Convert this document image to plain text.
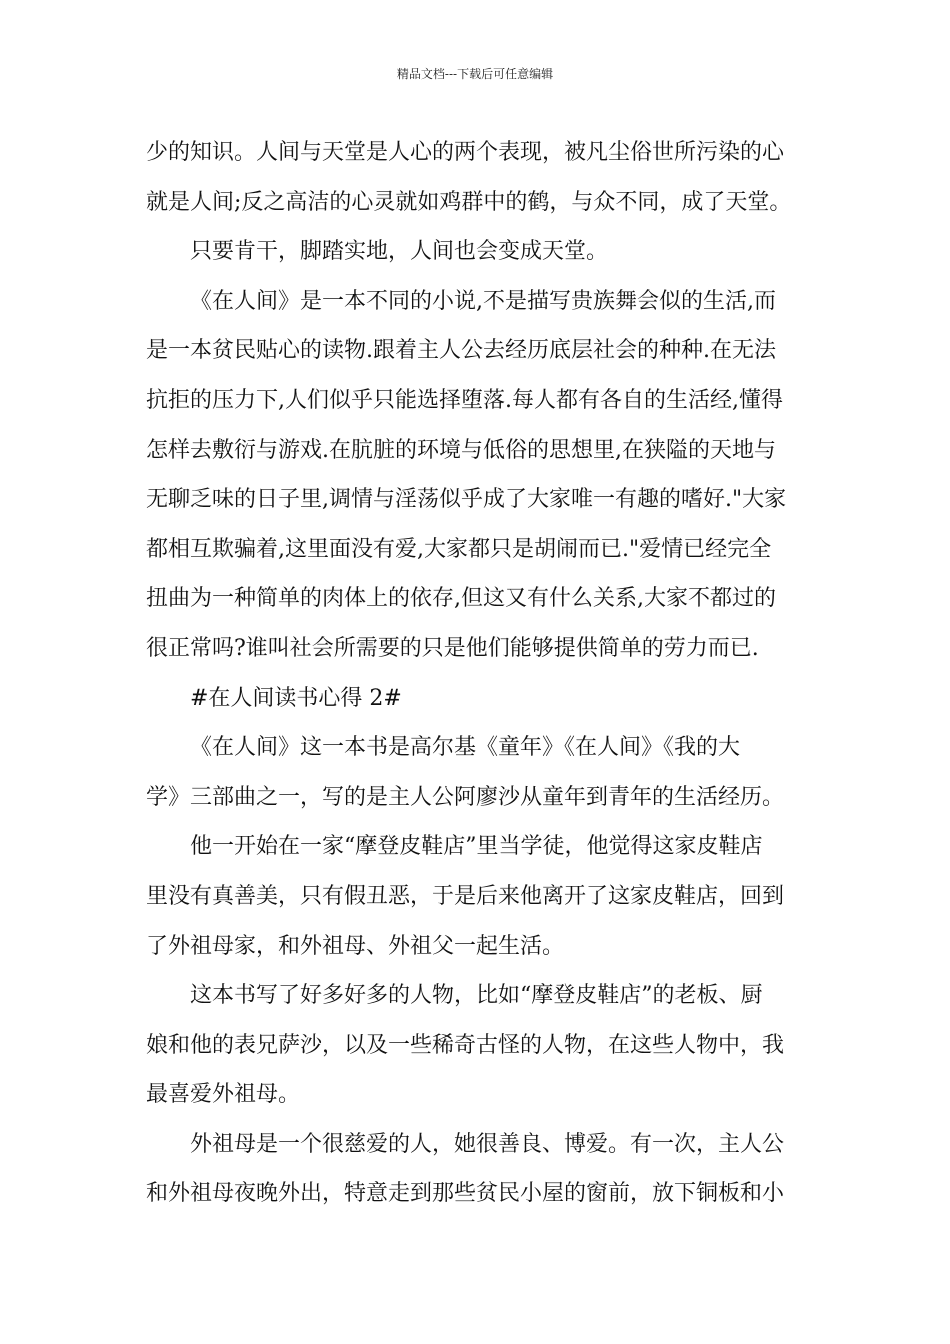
精品文档---下载后可任意编辑

少的知识。人间与天堂是人心的两个表现，被凡尘俗世所污染的心
就是人间;反之高洁的心灵就如鸡群中的鹤，与众不同，成了天堂。

只要肯干，脚踏实地，人间也会变成天堂。

《在人间》是一本不同的小说,不是描写贵族舞会似的生活,而
是一本贫民贴心的读物.跟着主人公去经历底层社会的种种.在无法
抗拒的压力下,人们似乎只能选择堕落.每人都有各自的生活经,懂得
怎样去敷衍与游戏.在肮脏的环境与低俗的思想里,在狭隘的天地与
无聊乏味的日子里,调情与淫荡似乎成了大家唯一有趣的嗜好."大家
都相互欺骗着,这里面没有爱,大家都只是胡闹而已."爱情已经完全
扭曲为一种简单的肉体上的依存,但这又有什么关系,大家不都过的
很正常吗?谁叫社会所需要的只是他们能够提供简单的劳力而已.

#在人间读书心得 2#

《在人间》这一本书是高尔基《童年》《在人间》《我的大
学》三部曲之一，写的是主人公阿廖沙从童年到青年的生活经历。

他一开始在一家“摩登皮鞋店”里当学徒，他觉得这家皮鞋店
里没有真善美，只有假丑恶，于是后来他离开了这家皮鞋店，回到
了外祖母家，和外祖母、外祖父一起生活。

这本书写了好多好多的人物，比如“摩登皮鞋店”的老板、厨
娘和他的表兄萨沙，以及一些稀奇古怪的人物，在这些人物中，我
最喜爱外祖母。

外祖母是一个很慈爱的人，她很善良、博爱。有一次，主人公
和外祖母夜晚外出，特意走到那些贫民小屋的窗前，放下铜板和小
